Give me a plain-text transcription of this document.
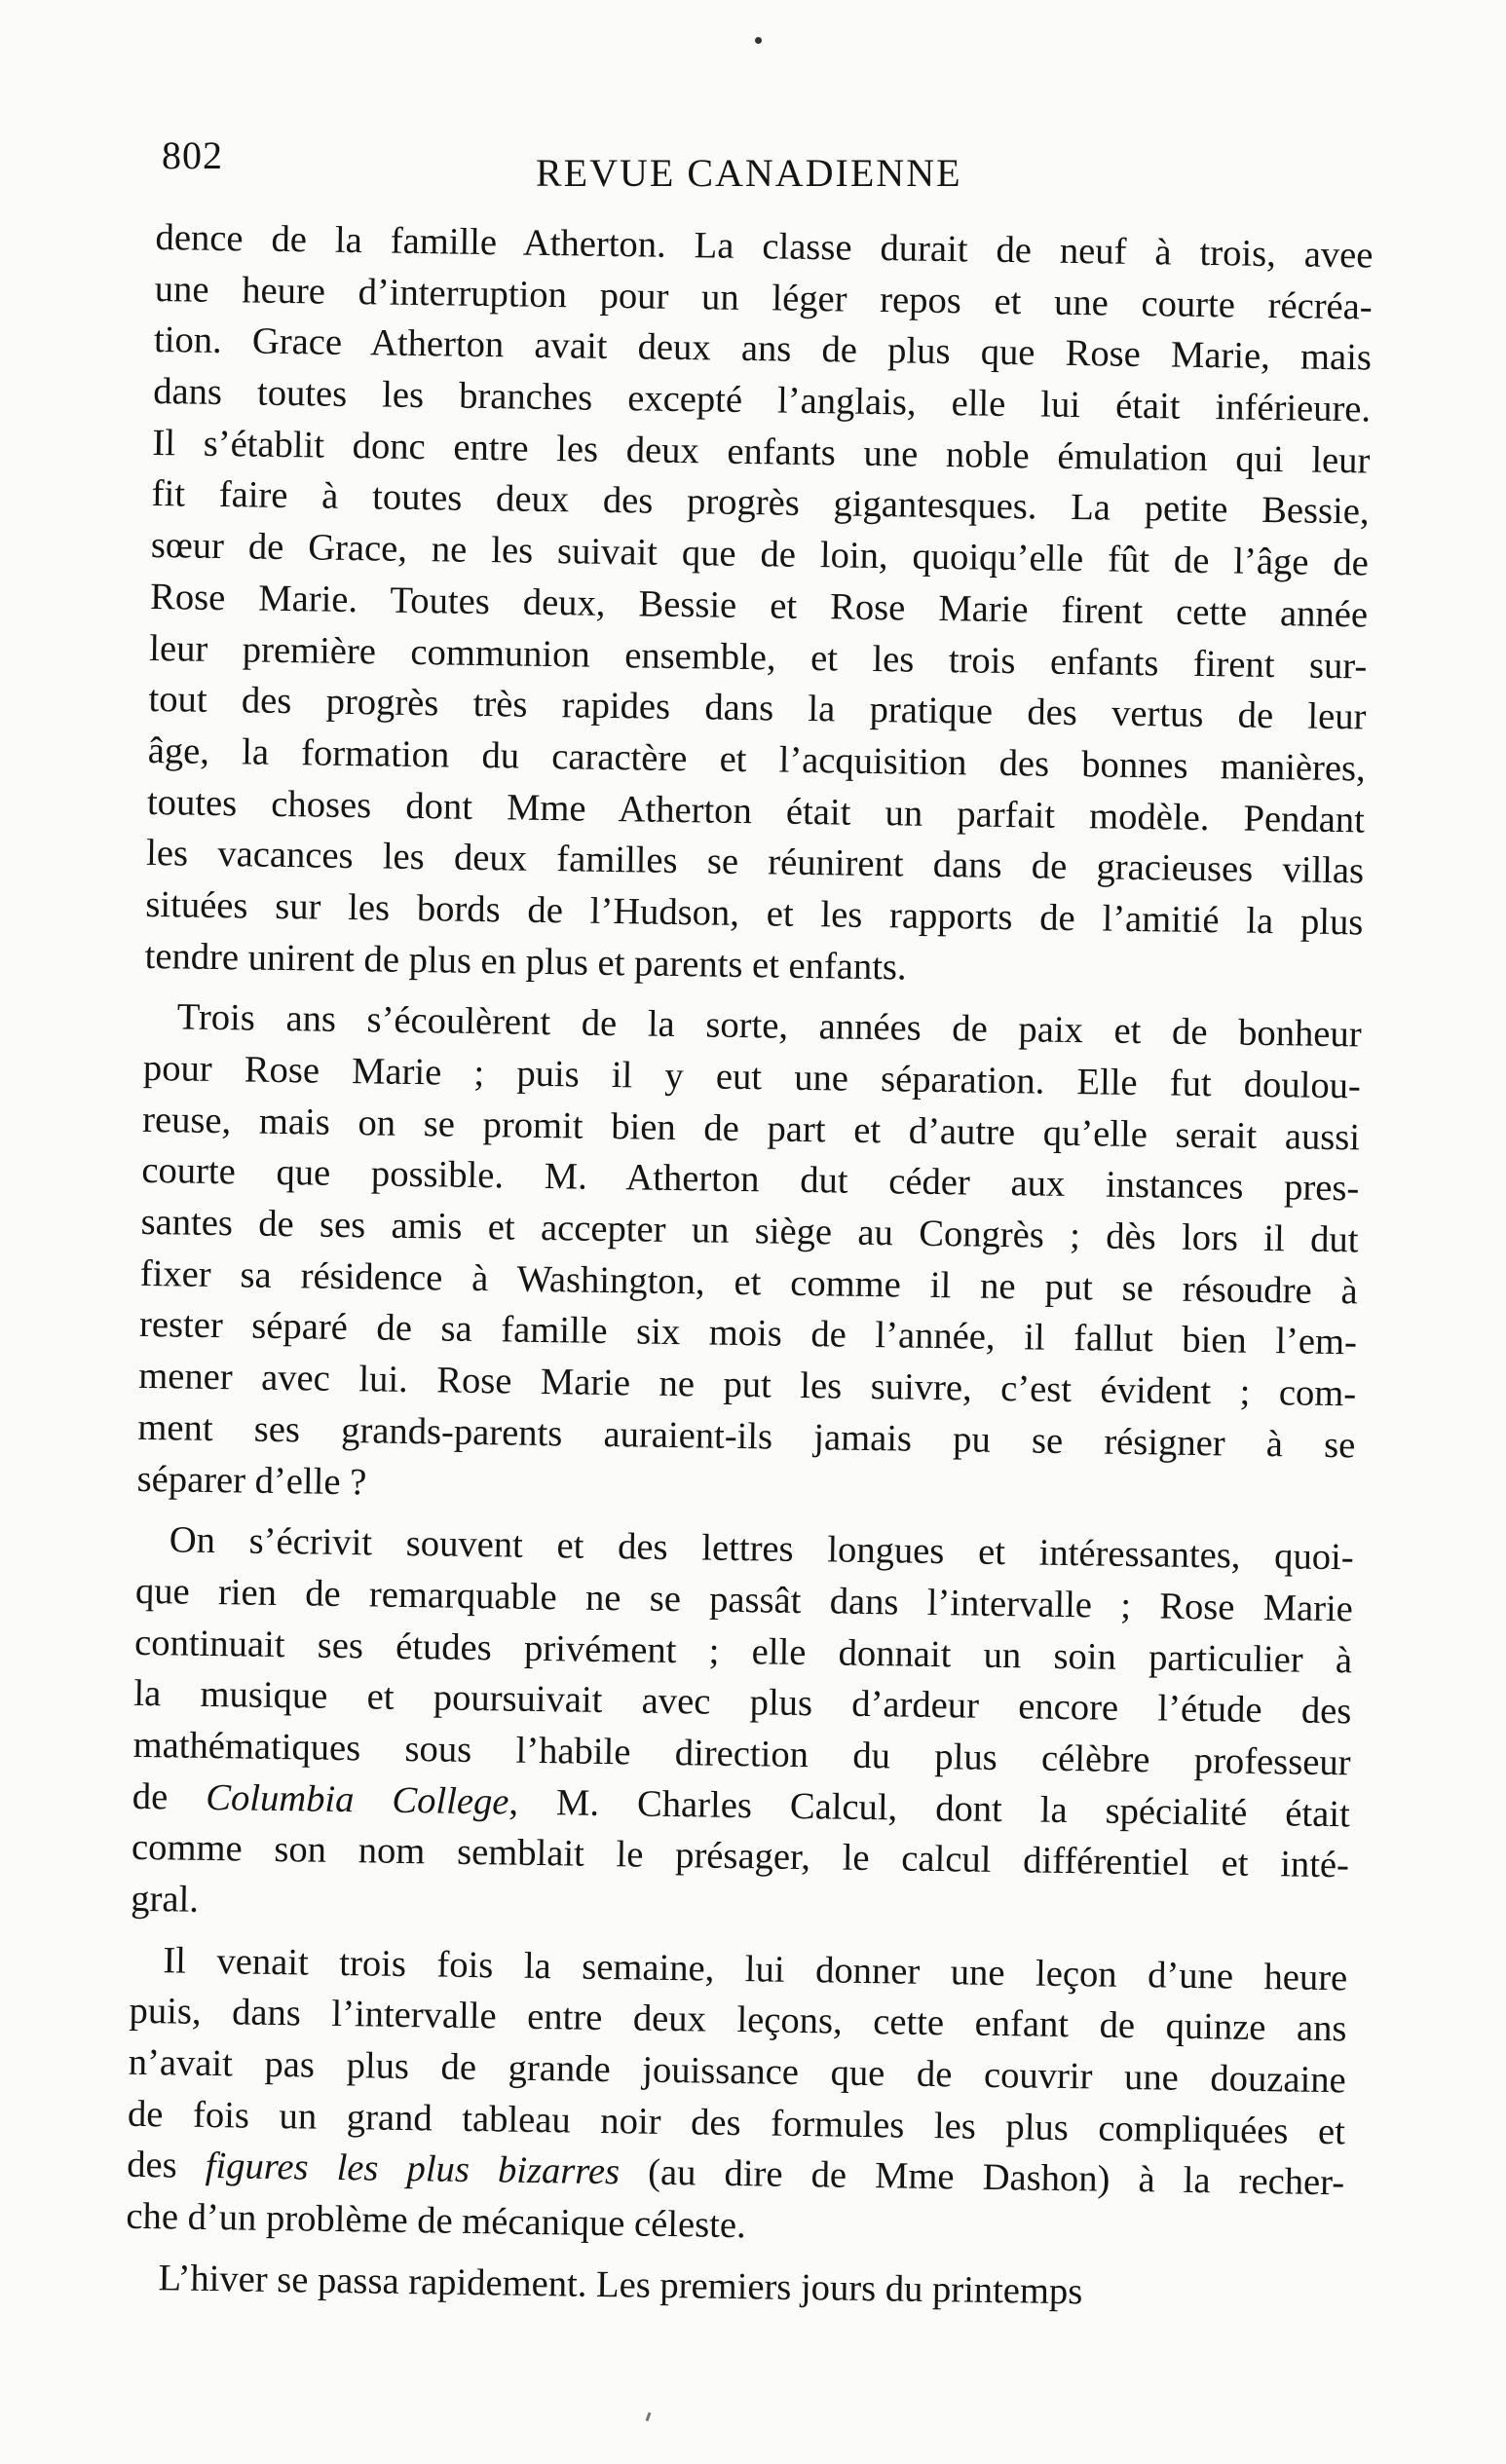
802	REVUE CANADIENNE
dence de la famille Atherton. La classe durait de neuf à trois, avee
une heure d’interruption pour un léger repos et une courte récréa-
tion. Grace Atherton avait deux ans de plus que Rose Marie, mais
dans toutes les branches excepté l’anglais, elle lui était inférieure.
Il s’établit donc entre les deux enfants une noble émulation qui leur
fit faire à toutes deux des progrès gigantesques. La petite Bessie,
sœur de Grace, ne les suivait que de loin, quoiqu’elle fût de l’âge de
Rose Marie. Toutes deux, Bessie et Rose Marie firent cette année
leur première communion ensemble, et les trois enfants firent sur-
tout des progrès très rapides dans la pratique des vertus de leur
âge, la formation du caractère et l’acquisition des bonnes manières,
toutes choses dont Mme Atherton était un parfait modèle. Pendant
les vacances les deux familles se réunirent dans de gracieuses villas
situées sur les bords de l’Hudson, et les rapports de l’amitié la plus
tendre unirent de plus en plus et parents et enfants.
Trois ans s’écoulèrent de la sorte, années de paix et de bonheur
pour Rose Marie ; puis il y eut une séparation. Elle fut doulou-
reuse, mais on se promit bien de part et d’autre qu’elle serait aussi
courte que possible. M. Atherton dut céder aux instances pres-
santes de ses amis et accepter un siège au Congrès ; dès lors il dut
fixer sa résidence à Washington, et comme il ne put se résoudre à
rester séparé de sa famille six mois de l’année, il fallut bien l’em-
mener avec lui. Rose Marie ne put les suivre, c’est évident ; com-
ment ses grands-parents auraient-ils jamais pu se résigner à se
séparer d’elle ?
On s’écrivit souvent et des lettres longues et intéressantes, quoi-
que rien de remarquable ne se passât dans l’intervalle ; Rose Marie
continuait ses études privément ; elle donnait un soin particulier à
la musique et poursuivait avec plus d’ardeur encore l’étude des
mathématiques sous l’habile direction du plus célèbre professeur
de Columbia College, M. Charles Calcul, dont la spécialité était
comme son nom semblait le présager, le calcul différentiel et inté-
gral.
Il venait trois fois la semaine, lui donner une leçon d’une heure
puis, dans l’intervalle entre deux leçons, cette enfant de quinze ans
n’avait pas plus de grande jouissance que de couvrir une douzaine
de fois un grand tableau noir des formules les plus compliquées et
des figures les plus bizarres (au dire de Mme Dashon) à la recher-
che d’un problème de mécanique céleste.
L’hiver se passa rapidement. Les premiers jours du printemps
